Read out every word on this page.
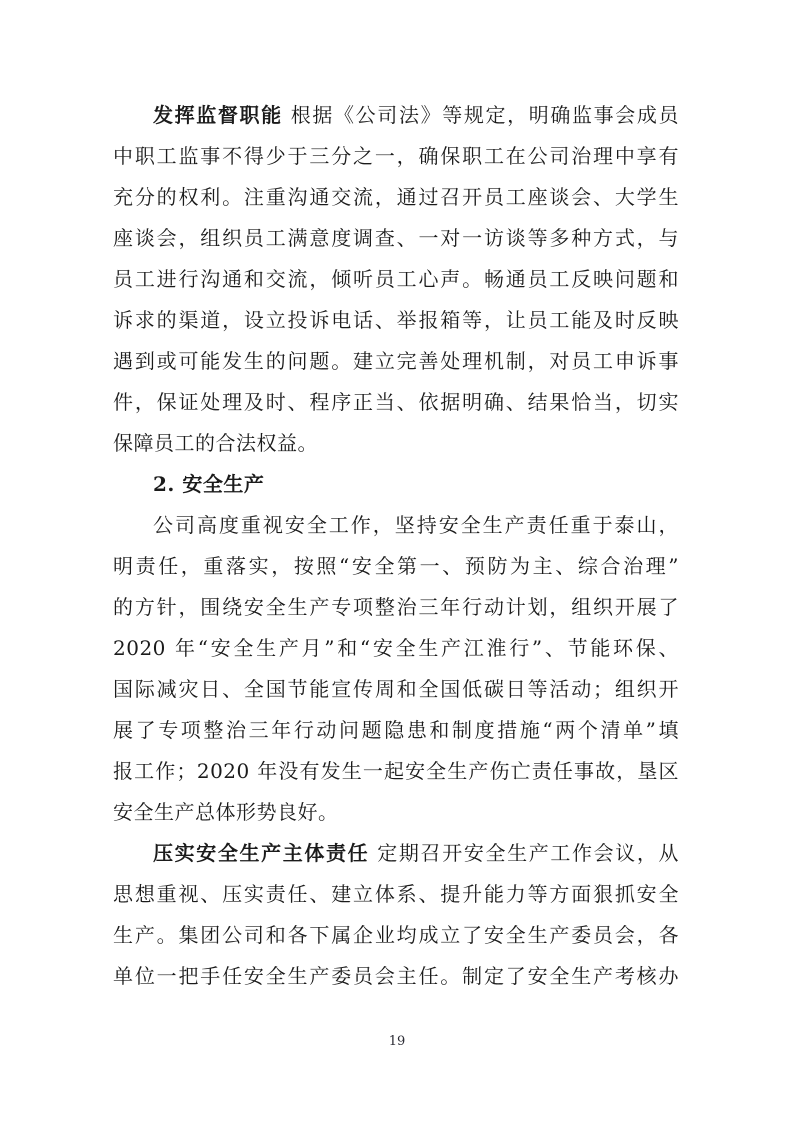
发挥监督职能 根据《公司法》等规定，明确监事会成员
中职工监事不得少于三分之一，确保职工在公司治理中享有
充分的权利。注重沟通交流，通过召开员工座谈会、大学生
座谈会，组织员工满意度调查、一对一访谈等多种方式，与
员工进行沟通和交流，倾听员工心声。畅通员工反映问题和
诉求的渠道，设立投诉电话、举报箱等，让员工能及时反映
遇到或可能发生的问题。建立完善处理机制，对员工申诉事
件，保证处理及时、程序正当、依据明确、结果恰当，切实
保障员工的合法权益。
2. 安全生产
公司高度重视安全工作，坚持安全生产责任重于泰山，
明责任，重落实，按照“安全第一、预防为主、综合治理”
的方针，围绕安全生产专项整治三年行动计划，组织开展了
2020 年“安全生产月”和“安全生产江淮行”、节能环保、
国际减灾日、全国节能宣传周和全国低碳日等活动；组织开
展了专项整治三年行动问题隐患和制度措施“两个清单”填
报工作；2020 年没有发生一起安全生产伤亡责任事故，垦区
安全生产总体形势良好。
压实安全生产主体责任 定期召开安全生产工作会议，从
思想重视、压实责任、建立体系、提升能力等方面狠抓安全
生产。集团公司和各下属企业均成立了安全生产委员会，各
单位一把手任安全生产委员会主任。制定了安全生产考核办
19
